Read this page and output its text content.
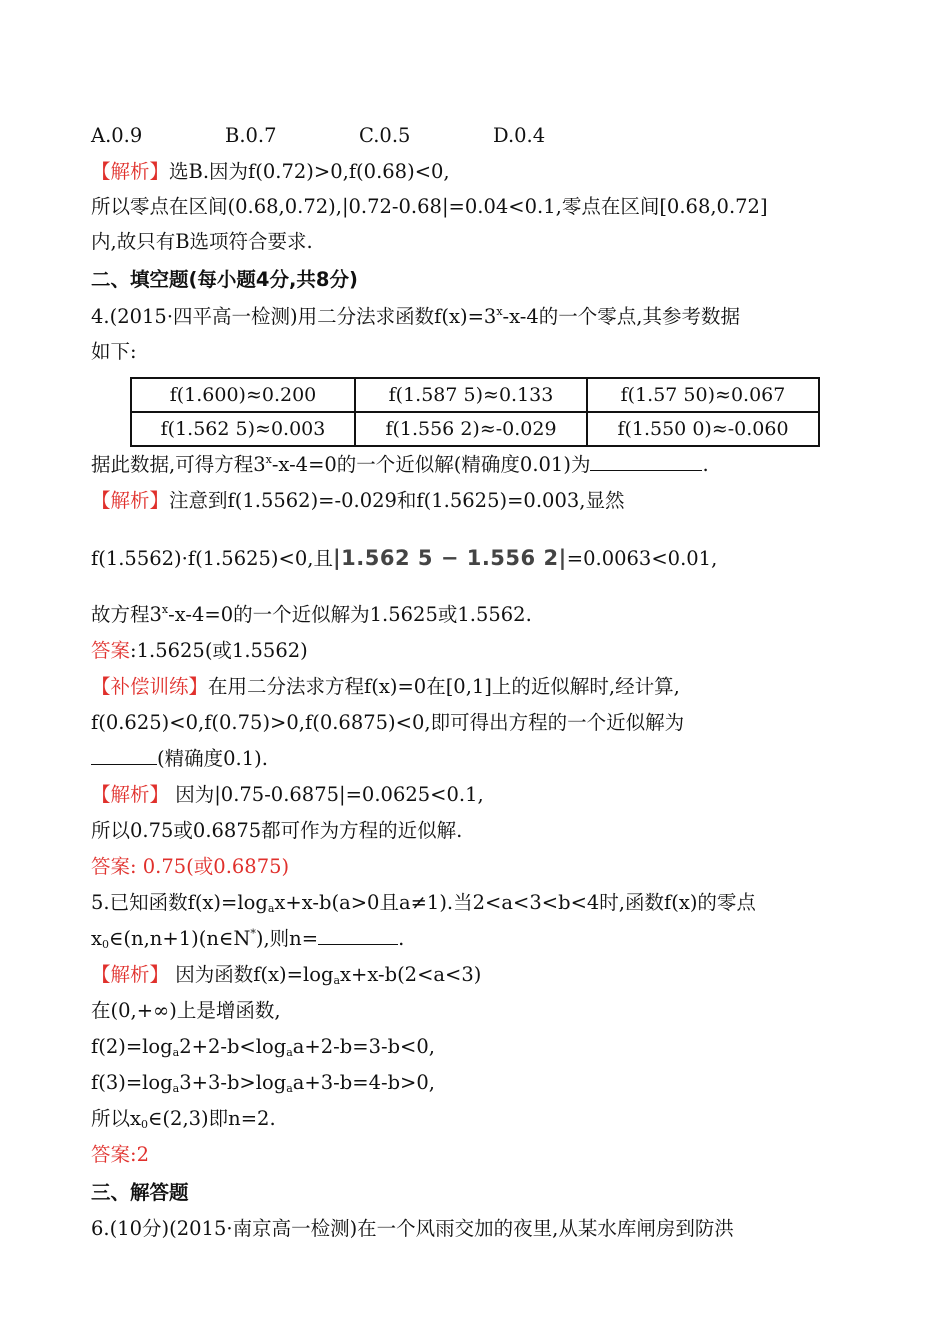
A.0.9	B.0.7	C.0.5	D.0.4
【解析】选B.因为f(0.72)>0,f(0.68)<0,
所以零点在区间(0.68,0.72),|0.72-0.68|=0.04<0.1,零点在区间[0.68,0.72]
内,故只有B选项符合要求.
二、填空题(每小题4分,共8分)
4.(2015·四平高一检测)用二分法求函数$f(x)=3^x-x-4$的一个零点,其参考数据
如下:
f(1.600)≈0.200	f(1.587 5)≈0.133	f(1.57 50)≈0.067
f(1.562 5)≈0.003	f(1.556 2)≈-0.029	f(1.550 0)≈-0.060
据此数据,可得方程$3^x-x-4=0$的一个近似解(精确度0.01)为	.
【解析】注意到f(1.5562)=-0.029和f(1.5625)=0.003,显然
f(1.5562)·f(1.5625)<0,且|1.562 5 − 1.556 2|=0.0063<0.01,
故方程$3^x-x-4=0$的一个近似解为1.5625或1.5562.
答案:1.5625(或1.5562)
【补偿训练】在用二分法求方程f(x)=0在[0,1]上的近似解时,经计算,
f(0.625)<0,f(0.75)>0,f(0.6875)<0,即可得出方程的一个近似解为
(精确度0.1).
【解析】 因为|0.75-0.6875|=0.0625<0.1,
所以0.75或0.6875都可作为方程的近似解.
答案: 0.75(或0.6875)
5.已知函数$f(x)=\log_ax+x-b(a>0$且a≠1).当2<a<3<b<4时,函数f(x)的零点
$x_0\in(n,n+1)(n\in N^*)$,则n=	.
【解析】 因为函数$f(x)=\log_ax+x-b(2<a<3)$
在(0,+∞)上是增函数,
$f(2)=\log_a2+2-b<\log_aa+2-b=3-b<0$,
$f(3)=\log_a3+3-b>\log_aa+3-b=4-b>0$,
所以$x_0\in(2,3)$即n=2.
答案:2
三、解答题
6.(10分)(2015·南京高一检测)在一个风雨交加的夜里,从某水库闸房到防洪
